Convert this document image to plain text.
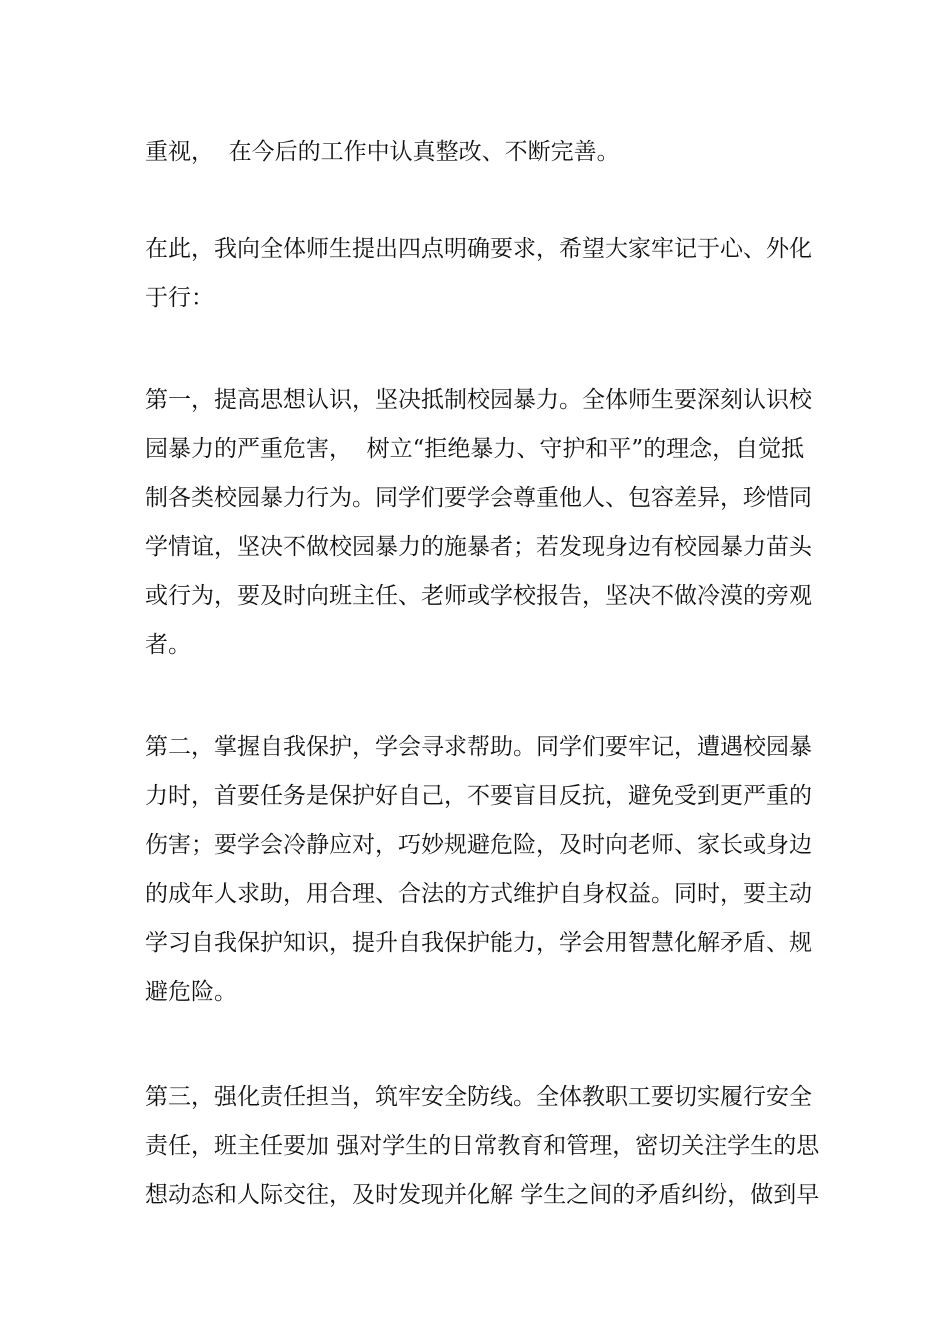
重视，  在今后的工作中认真整改、不断完善。

在此，我向全体师生提出四点明确要求，希望大家牢记于心、外化
于行：

第一，提高思想认识，坚决抵制校园暴力。全体师生要深刻认识校
园暴力的严重危害，  树立“拒绝暴力、守护和平”的理念，自觉抵
制各类校园暴力行为。同学们要学会尊重他人、包容差异，珍惜同
学情谊，坚决不做校园暴力的施暴者；若发现身边有校园暴力苗头
或行为，要及时向班主任、老师或学校报告，坚决不做冷漠的旁观
者。

第二，掌握自我保护，学会寻求帮助。同学们要牢记，遭遇校园暴
力时，首要任务是保护好自己，不要盲目反抗，避免受到更严重的
伤害；要学会冷静应对，巧妙规避危险，及时向老师、家长或身边
的成年人求助，用合理、合法的方式维护自身权益。同时，要主动
学习自我保护知识，提升自我保护能力，学会用智慧化解矛盾、规
避危险。

第三，强化责任担当，筑牢安全防线。全体教职工要切实履行安全
责任，班主任要加 强对学生的日常教育和管理，密切关注学生的思
想动态和人际交往，及时发现并化解 学生之间的矛盾纠纷，做到早
